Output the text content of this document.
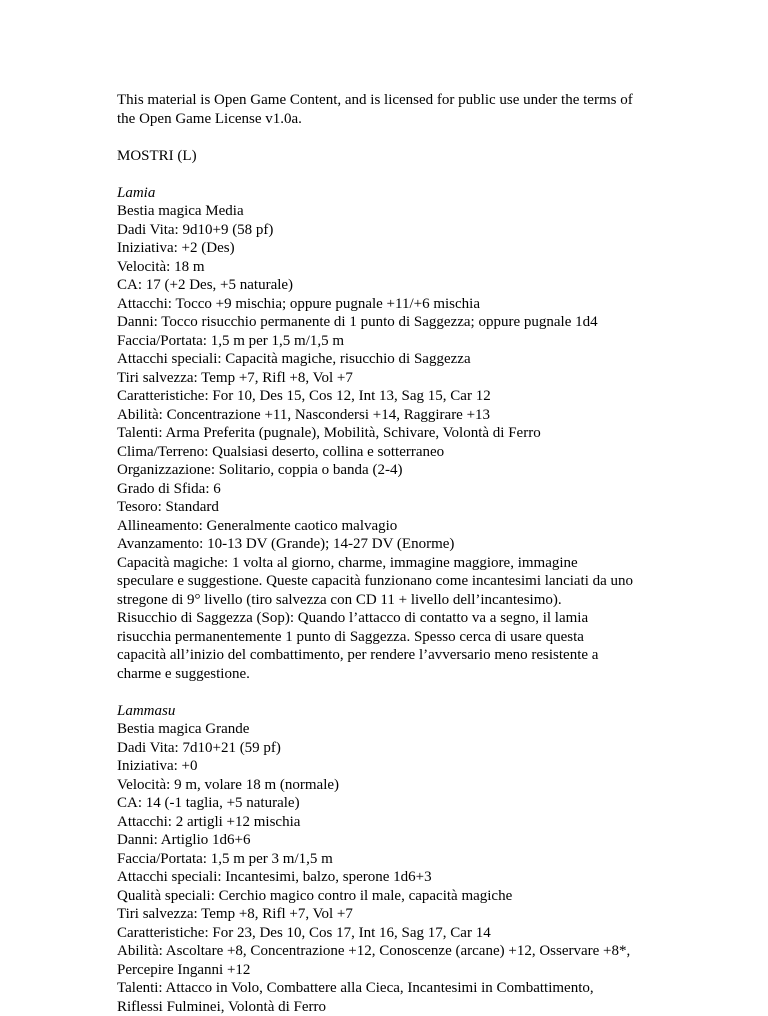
This material is Open Game Content, and is licensed for public use under the terms of
the Open Game License v1.0a.
MOSTRI (L)
Lamia
Bestia magica Media
Dadi Vita: 9d10+9 (58 pf)
Iniziativa: +2 (Des)
Velocità: 18 m
CA: 17 (+2 Des, +5 naturale)
Attacchi: Tocco +9 mischia; oppure pugnale +11/+6 mischia
Danni: Tocco risucchio permanente di 1 punto di Saggezza; oppure pugnale 1d4
Faccia/Portata: 1,5 m per 1,5 m/1,5 m
Attacchi speciali: Capacità magiche, risucchio di Saggezza
Tiri salvezza: Temp +7, Rifl +8, Vol +7
Caratteristiche: For 10, Des 15, Cos 12, Int 13, Sag 15, Car 12
Abilità: Concentrazione +11, Nascondersi +14, Raggirare +13
Talenti: Arma Preferita (pugnale), Mobilità, Schivare, Volontà di Ferro
Clima/Terreno: Qualsiasi deserto, collina e sotterraneo
Organizzazione: Solitario, coppia o banda (2-4)
Grado di Sfida: 6
Tesoro: Standard
Allineamento: Generalmente caotico malvagio
Avanzamento: 10-13 DV (Grande); 14-27 DV (Enorme)
Capacità magiche: 1 volta al giorno, charme, immagine maggiore, immagine
speculare e suggestione. Queste capacità funzionano come incantesimi lanciati da uno
stregone di 9° livello (tiro salvezza con CD 11 + livello dell’incantesimo).
Risucchio di Saggezza (Sop): Quando l’attacco di contatto va a segno, il lamia
risucchia permanentemente 1 punto di Saggezza. Spesso cerca di usare questa
capacità all’inizio del combattimento, per rendere l’avversario meno resistente a
charme e suggestione.
Lammasu
Bestia magica Grande
Dadi Vita: 7d10+21 (59 pf)
Iniziativa: +0
Velocità: 9 m, volare 18 m (normale)
CA: 14 (-1 taglia, +5 naturale)
Attacchi: 2 artigli +12 mischia
Danni: Artiglio 1d6+6
Faccia/Portata: 1,5 m per 3 m/1,5 m
Attacchi speciali: Incantesimi, balzo, sperone 1d6+3
Qualità speciali: Cerchio magico contro il male, capacità magiche
Tiri salvezza: Temp +8, Rifl +7, Vol +7
Caratteristiche: For 23, Des 10, Cos 17, Int 16, Sag 17, Car 14
Abilità: Ascoltare +8, Concentrazione +12, Conoscenze (arcane) +12, Osservare +8*,
Percepire Inganni +12
Talenti: Attacco in Volo, Combattere alla Cieca, Incantesimi in Combattimento,
Riflessi Fulminei, Volontà di Ferro
